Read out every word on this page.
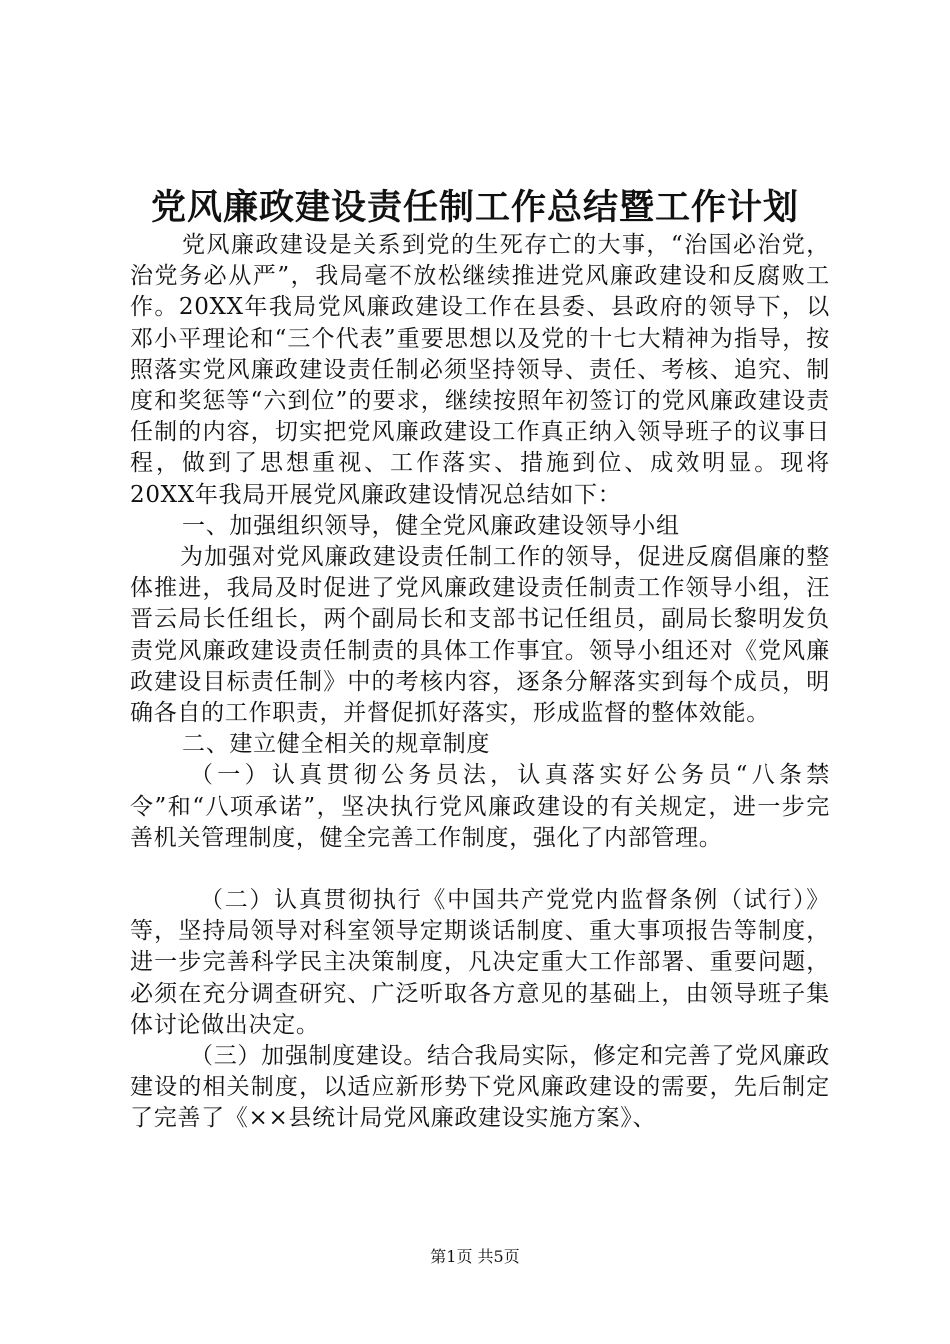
党风廉政建设责任制工作总结暨工作计划

党风廉政建设是关系到党的生死存亡的大事，“治国必治党，治党务必从严”，我局毫不放松继续推进党风廉政建设和反腐败工作。20XX年我局党风廉政建设工作在县委、县政府的领导下，以邓小平理论和“三个代表”重要思想以及党的十七大精神为指导，按照落实党风廉政建设责任制必须坚持领导、责任、考核、追究、制度和奖惩等“六到位”的要求，继续按照年初签订的党风廉政建设责任制的内容，切实把党风廉政建设工作真正纳入领导班子的议事日程，做到了思想重视、工作落实、措施到位、成效明显。现将20XX年我局开展党风廉政建设情况总结如下：

一、加强组织领导，健全党风廉政建设领导小组

为加强对党风廉政建设责任制工作的领导，促进反腐倡廉的整体推进，我局及时促进了党风廉政建设责任制责工作领导小组，汪晋云局长任组长，两个副局长和支部书记任组员，副局长黎明发负责党风廉政建设责任制责的具体工作事宜。领导小组还对《党风廉政建设目标责任制》中的考核内容，逐条分解落实到每个成员，明确各自的工作职责，并督促抓好落实，形成监督的整体效能。

二、建立健全相关的规章制度

（一）认真贯彻公务员法，认真落实好公务员“八条禁令”和“八项承诺”，坚决执行党风廉政建设的有关规定，进一步完善机关管理制度，健全完善工作制度，强化了内部管理。

（二）认真贯彻执行《中国共产党党内监督条例（试行）》等，坚持局领导对科室领导定期谈话制度、重大事项报告等制度，进一步完善科学民主决策制度，凡决定重大工作部署、重要问题，必须在充分调查研究、广泛听取各方意见的基础上，由领导班子集体讨论做出决定。

（三）加强制度建设。结合我局实际，修定和完善了党风廉政建设的相关制度，以适应新形势下党风廉政建设的需要，先后制定了完善了《××县统计局党风廉政建设实施方案》、

第1页 共5页
